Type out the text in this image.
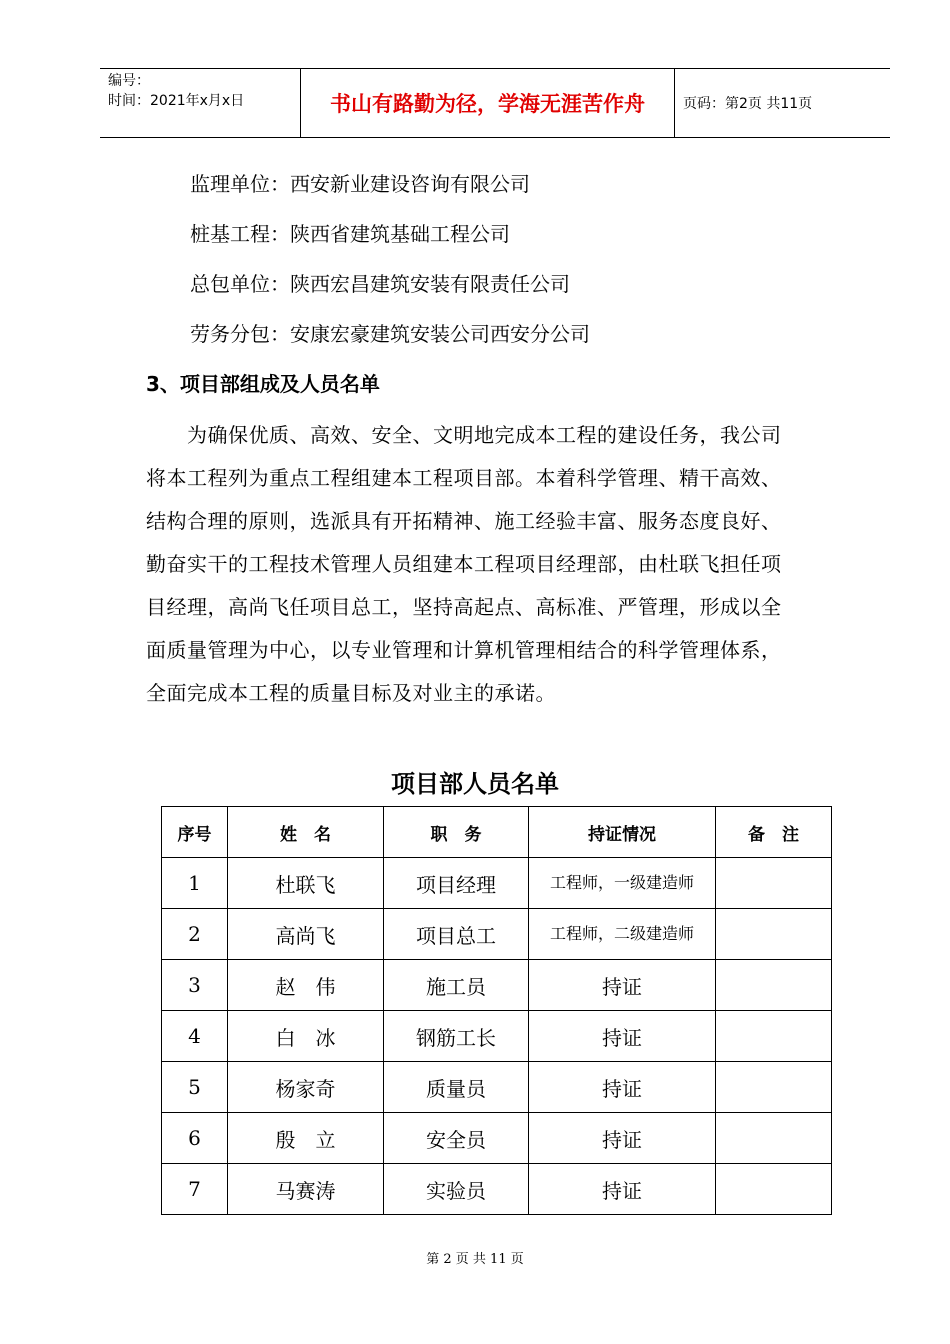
编号：
时间：2021年x月x日	书山有路勤为径，学海无涯苦作舟	页码：第2页 共11页
监理单位：西安新业建设咨询有限公司
桩基工程：陕西省建筑基础工程公司
总包单位：陕西宏昌建筑安装有限责任公司
劳务分包：安康宏豪建筑安装公司西安分公司
3、项目部组成及人员名单

　　为确保优质、高效、安全、文明地完成本工程的建设任务，我公司

将本工程列为重点工程组建本工程项目部。本着科学管理、精干高效、

结构合理的原则，选派具有开拓精神、施工经验丰富、服务态度良好、

勤奋实干的工程技术管理人员组建本工程项目经理部，由杜联飞担任项

目经理，高尚飞任项目总工，坚持高起点、高标准、严管理，形成以全

面质量管理为中心，以专业管理和计算机管理相结合的科学管理体系，

全面完成本工程的质量目标及对业主的承诺。

项目部人员名单
序号	姓　名	职　务	持证情况	备　注
1	杜联飞	项目经理	工程师，一级建造师	
2	高尚飞	项目总工	工程师，二级建造师	
3	赵　伟	施工员	持证	
4	白　冰	钢筋工长	持证	
5	杨家奇	质量员	持证	
6	殷　立	安全员	持证	
7	马赛涛	实验员	持证	
第 2 页 共 11 页
